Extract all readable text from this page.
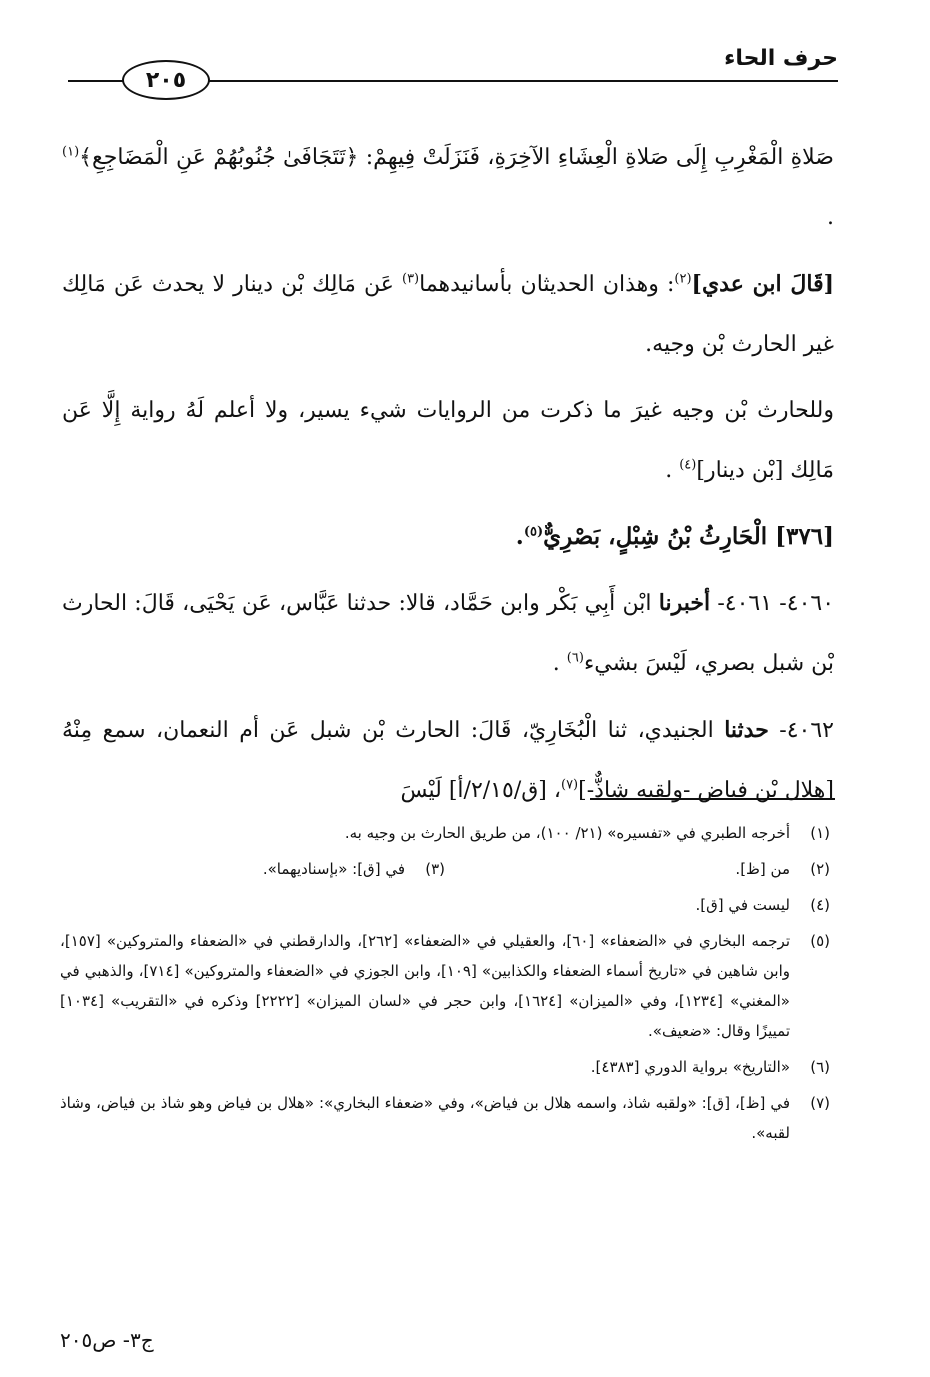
حرف الحاء
٢٠٥

صَلاةِ الْمَغْرِبِ إِلَى صَلاةِ الْعِشَاءِ الآخِرَةِ، فَنَزَلَتْ فِيهِمْ: ﴿تَتَجَافَىٰ جُنُوبُهُمْ عَنِ الْمَضَاجِعِ﴾$^{(١)}$ .

[قَالَ ابن عدي]$^{(٢)}$: وهذان الحديثان بأسانيدهما$^{(٣)}$ عَن مَالِك بْن دينار لا يحدث عَن مَالِك غير الحارث بْن وجيه.

وللحارث بْن وجيه غيرَ ما ذكرت من الروايات شيء يسير، ولا أعلم لَهُ رواية إِلَّا عَن مَالِك [بْن دينار]$^{(٤)}$ .

[٣٧٦] الْحَارِثُ بْنُ شِبْلٍ، بَصْرِيٌّ$^{(٥)}$.

٤٠٦٠- ٤٠٦١- أخبرنا ابْن أَبِي بَكْر وابن حَمَّاد، قالا: حدثنا عَبَّاس، عَن يَحْيَى، قَالَ: الحارث بْن شبل بصري، لَيْسَ بشيء$^{(٦)}$ .

٤٠٦٢- حدثنا الجنيدي، ثنا الْبُخَارِيّ، قَالَ: الحارث بْن شبل عَن أم النعمان، سمع مِنْهُ [هلال بْن فياض -ولقبه شاذٌّ-]$^{(٧)}$، [ق/٢/١٥/أ] لَيْسَ

(١)
أخرجه الطبري في «تفسيره» (٢١/ ١٠٠)، من طريق الحارث بن وجيه به.
(٢)
من [ظ].
(٣)
في [ق]: «بإسناديهما».
(٤)
ليست في [ق].
(٥)
ترجمه البخاري في «الضعفاء» [٦٠]، والعقيلي في «الضعفاء» [٢٦٢]، والدارقطني في «الضعفاء والمتروكين» [١٥٧]، وابن شاهين في «تاريخ أسماء الضعفاء والكذابين» [١٠٩]، وابن الجوزي في «الضعفاء والمتروكين» [٧١٤]، والذهبي في «المغني» [١٢٣٤]، وفي «الميزان» [١٦٢٤]، وابن حجر في «لسان الميزان» [٢٢٢٢] وذكره في «التقريب» [١٠٣٤] تمييزًا وقال: «ضعيف».
(٦)
«التاريخ» برواية الدوري [٤٣٨٣].
(٧)
في [ظ]، [ق]: «ولقبه شاذ، واسمه هلال بن فياض»، وفي «ضعفاء البخاري»: «هلال بن فياض وهو شاذ بن فياض، وشاذ لقبه».
ج٣- ص٢٠٥
